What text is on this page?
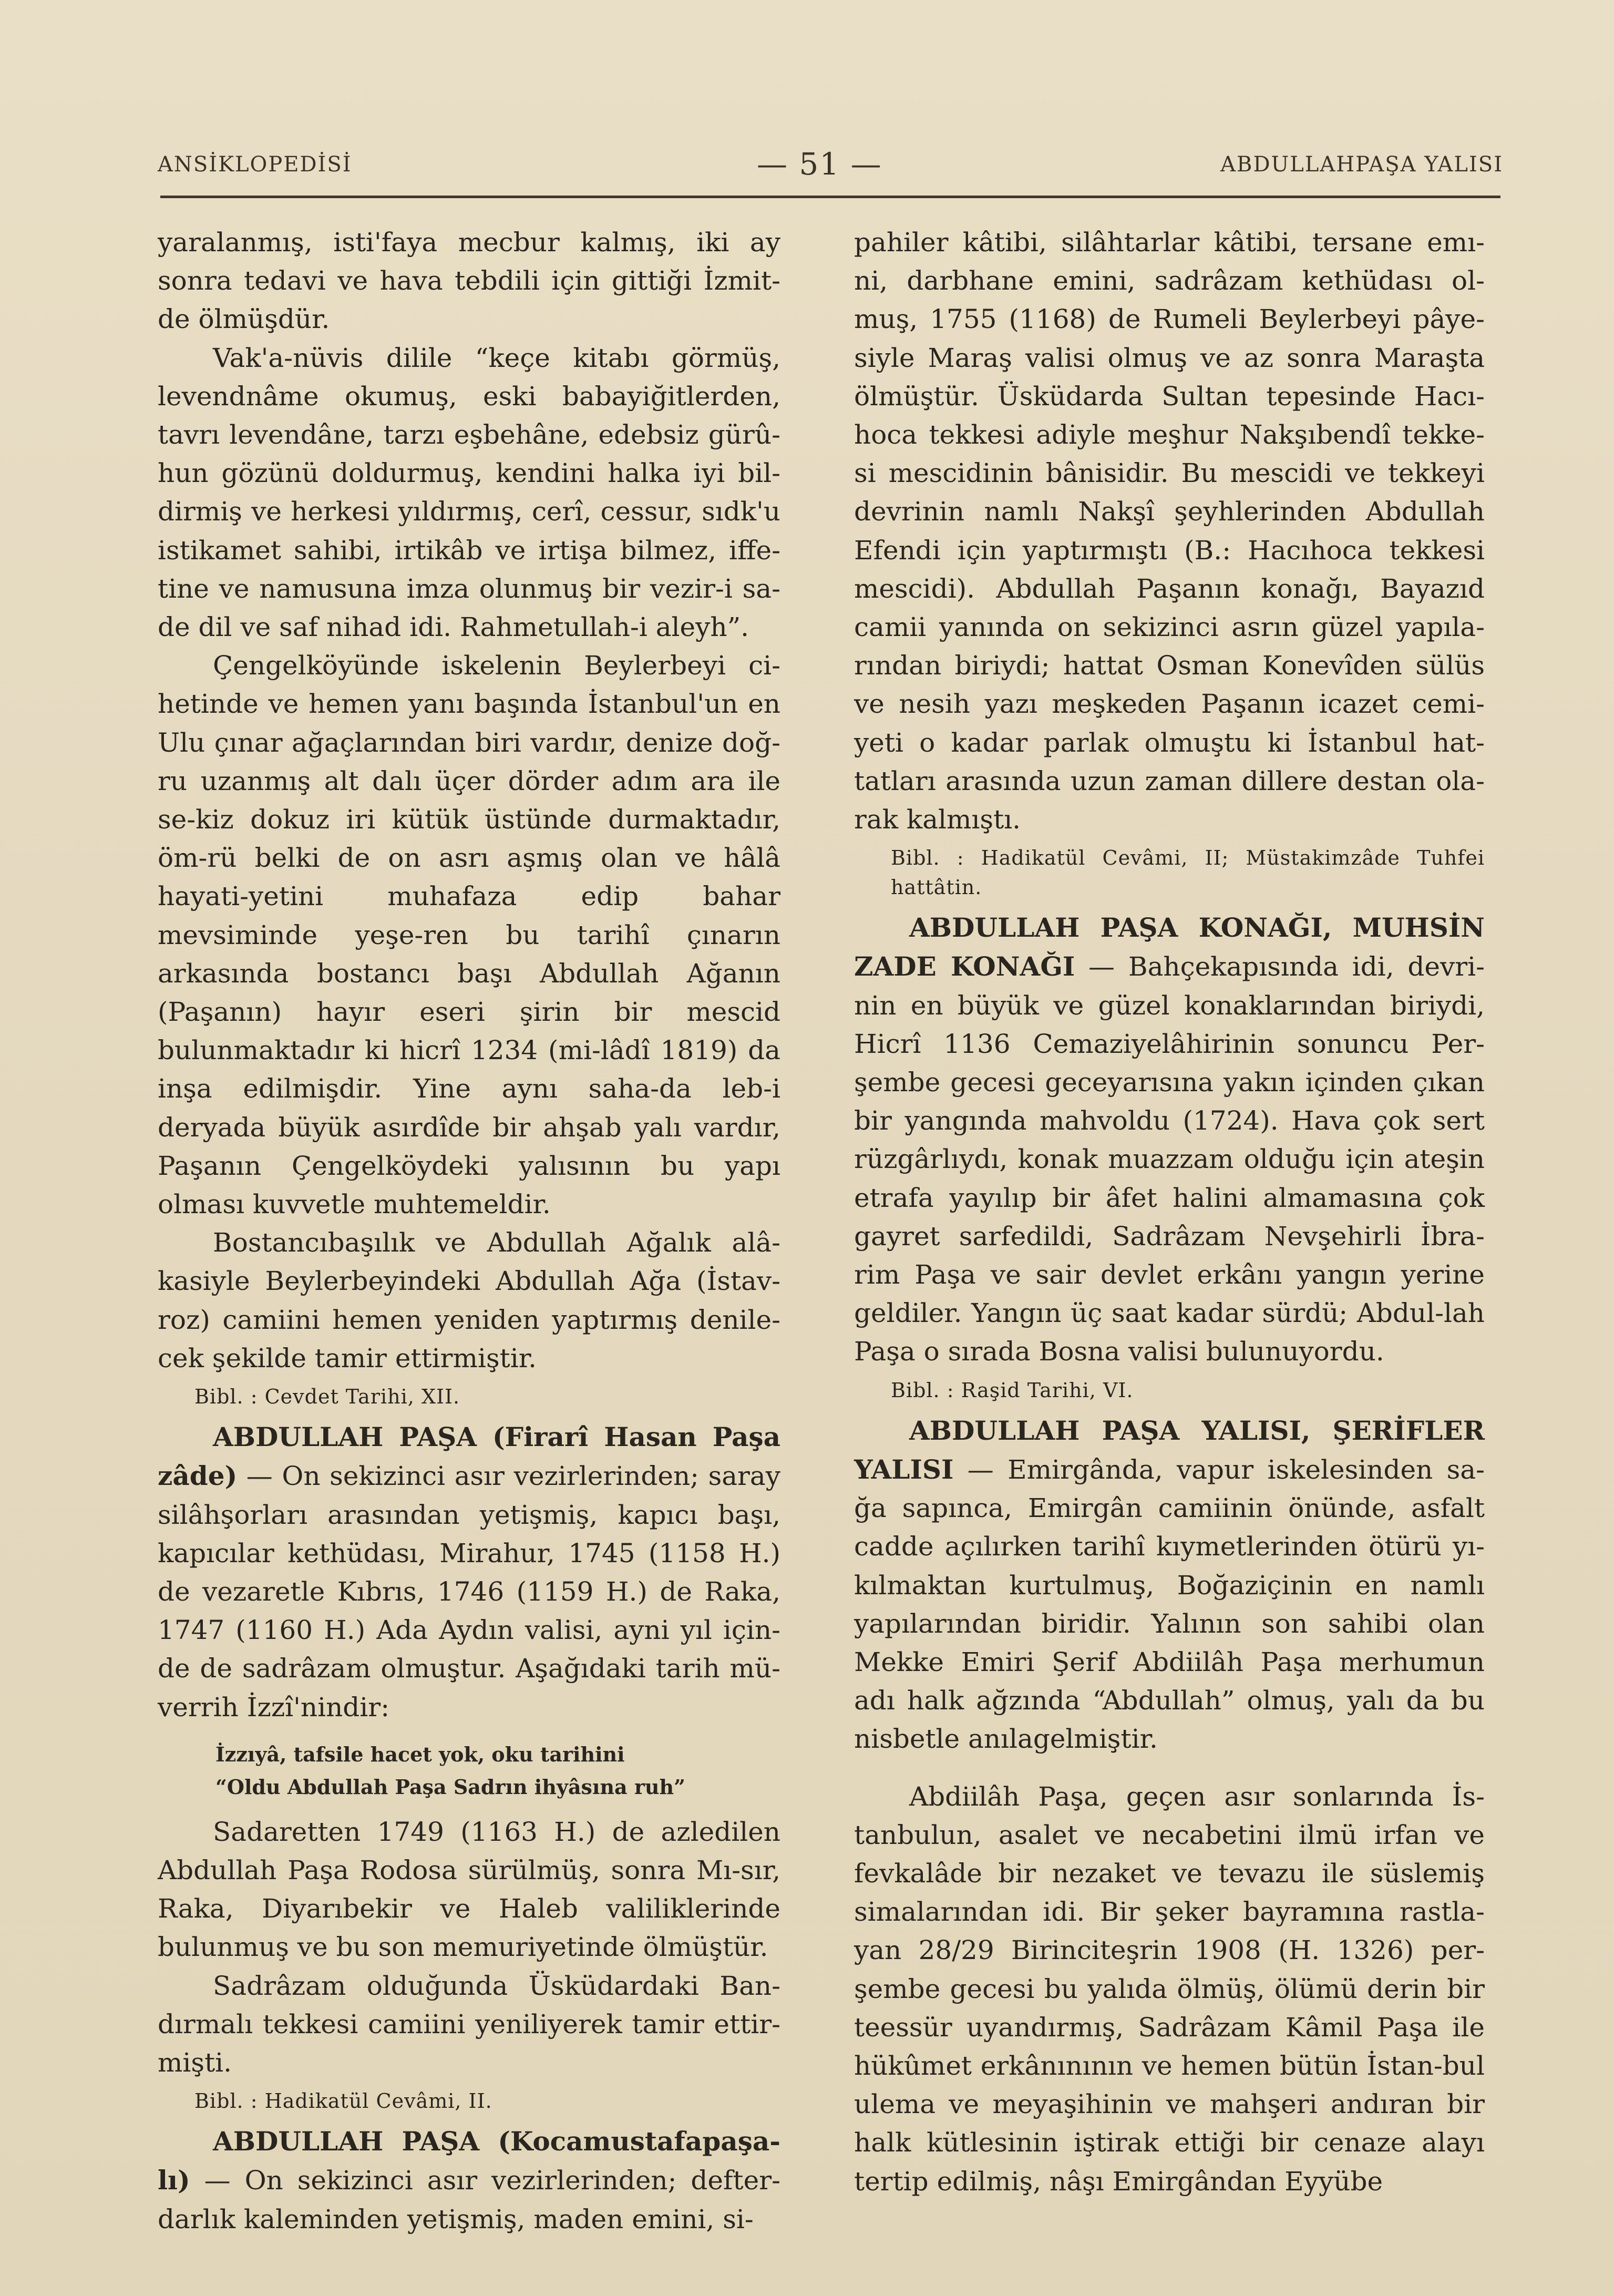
ANSİKLOPEDİSİ	— 51 —	ABDULLAHPAŞA YALISI

yaralanmış, isti'faya mecbur kalmış, iki ay sonra tedavi ve hava tebdili için gittiği İzmit-de ölmüşdür.

Vak'a-nüvis dilile “keçe kitabı görmüş, levendnâme okumuş, eski babayiğitlerden, tavrı levendâne, tarzı eşbehâne, edebsiz gürû-hun gözünü doldurmuş, kendini halka iyi bil-dirmiş ve herkesi yıldırmış, cerî, cessur, sıdk'u istikamet sahibi, irtikâb ve irtişa bilmez, iffe-tine ve namusuna imza olunmuş bir vezir-i sa-de dil ve saf nihad idi. Rahmetullah-i aleyh”.

Çengelköyünde iskelenin Beylerbeyi ci-hetinde ve hemen yanı başında İstanbul'un en Ulu çınar ağaçlarından biri vardır, denize doğ-ru uzanmış alt dalı üçer dörder adım ara ile se-kiz dokuz iri kütük üstünde durmaktadır, öm-rü belki de on asrı aşmış olan ve hâlâ hayati-yetini muhafaza edip bahar mevsiminde yeşe-ren bu tarihî çınarın arkasında bostancı başı Abdullah Ağanın (Paşanın) hayır eseri şirin bir mescid bulunmaktadır ki hicrî 1234 (mi-lâdî 1819) da inşa edilmişdir. Yine aynı saha-da leb-i deryada büyük asırdîde bir ahşab yalı vardır, Paşanın Çengelköydeki yalısının bu yapı olması kuvvetle muhtemeldir.

Bostancıbaşılık ve Abdullah Ağalık alâ-kasiyle Beylerbeyindeki Abdullah Ağa (İstav-roz) camiini hemen yeniden yaptırmış denile-cek şekilde tamir ettirmiştir.

Bibl. : Cevdet Tarihi, XII.

ABDULLAH PAŞA (Firarî Hasan Paşa zâde) — On sekizinci asır vezirlerinden; saray silâhşorları arasından yetişmiş, kapıcı başı, kapıcılar kethüdası, Mirahur, 1745 (1158 H.) de vezaretle Kıbrıs, 1746 (1159 H.) de Raka, 1747 (1160 H.) Ada Aydın valisi, ayni yıl için-de de sadrâzam olmuştur. Aşağıdaki tarih mü-verrih İzzî'nindir:

İzzıyâ, tafsile hacet yok, oku tarihini
“Oldu Abdullah Paşa Sadrın ihyâsına ruh”

Sadaretten 1749 (1163 H.) de azledilen Abdullah Paşa Rodosa sürülmüş, sonra Mı-sır, Raka, Diyarıbekir ve Haleb valiliklerinde bulunmuş ve bu son memuriyetinde ölmüştür.

Sadrâzam olduğunda Üsküdardaki Ban-dırmalı tekkesi camiini yeniliyerek tamir ettir-mişti.

Bibl. : Hadikatül Cevâmi, II.

ABDULLAH PAŞA (Kocamustafapaşa-lı) — On sekizinci asır vezirlerinden; defter-darlık kaleminden yetişmiş, maden emini, si-

pahiler kâtibi, silâhtarlar kâtibi, tersane emı-ni, darbhane emini, sadrâzam kethüdası ol-muş, 1755 (1168) de Rumeli Beylerbeyi pâye-siyle Maraş valisi olmuş ve az sonra Maraşta ölmüştür. Üsküdarda Sultan tepesinde Hacı-hoca tekkesi adiyle meşhur Nakşıbendî tekke-si mescidinin bânisidir. Bu mescidi ve tekkeyi devrinin namlı Nakşî şeyhlerinden Abdullah Efendi için yaptırmıştı (B.: Hacıhoca tekkesi mescidi). Abdullah Paşanın konağı, Bayazıd camii yanında on sekizinci asrın güzel yapıla-rından biriydi; hattat Osman Konevîden sülüs ve nesih yazı meşkeden Paşanın icazet cemi-yeti o kadar parlak olmuştu ki İstanbul hat-tatları arasında uzun zaman dillere destan ola-rak kalmıştı.

Bibl. : Hadikatül Cevâmi, II; Müstakimzâde Tuhfei hattâtin.

ABDULLAH PAŞA KONAĞI, MUHSİN ZADE KONAĞI — Bahçekapısında idi, devri-nin en büyük ve güzel konaklarından biriydi, Hicrî 1136 Cemaziyelâhirinin sonuncu Per-şembe gecesi geceyarısına yakın içinden çıkan bir yangında mahvoldu (1724). Hava çok sert rüzgârlıydı, konak muazzam olduğu için ateşin etrafa yayılıp bir âfet halini almamasına çok gayret sarfedildi, Sadrâzam Nevşehirli İbra-rim Paşa ve sair devlet erkânı yangın yerine geldiler. Yangın üç saat kadar sürdü; Abdul-lah Paşa o sırada Bosna valisi bulunuyordu.

Bibl. : Raşid Tarihi, VI.

ABDULLAH PAŞA YALISI, ŞERİFLER YALISI — Emirgânda, vapur iskelesinden sa-ğa sapınca, Emirgân camiinin önünde, asfalt cadde açılırken tarihî kıymetlerinden ötürü yı-kılmaktan kurtulmuş, Boğaziçinin en namlı yapılarından biridir. Yalının son sahibi olan Mekke Emiri Şerif Abdiilâh Paşa merhumun adı halk ağzında “Abdullah” olmuş, yalı da bu nisbetle anılagelmiştir.

Abdiilâh Paşa, geçen asır sonlarında İs-tanbulun, asalet ve necabetini ilmü irfan ve fevkalâde bir nezaket ve tevazu ile süslemiş simalarından idi. Bir şeker bayramına rastla-yan 28/29 Birinciteşrin 1908 (H. 1326) per-şembe gecesi bu yalıda ölmüş, ölümü derin bir teessür uyandırmış, Sadrâzam Kâmil Paşa ile hükûmet erkânınının ve hemen bütün İstan-bul ulema ve meyaşihinin ve mahşeri andıran bir halk kütlesinin iştirak ettiği bir cenaze alayı tertip edilmiş, nâşı Emirgândan Eyyübe
